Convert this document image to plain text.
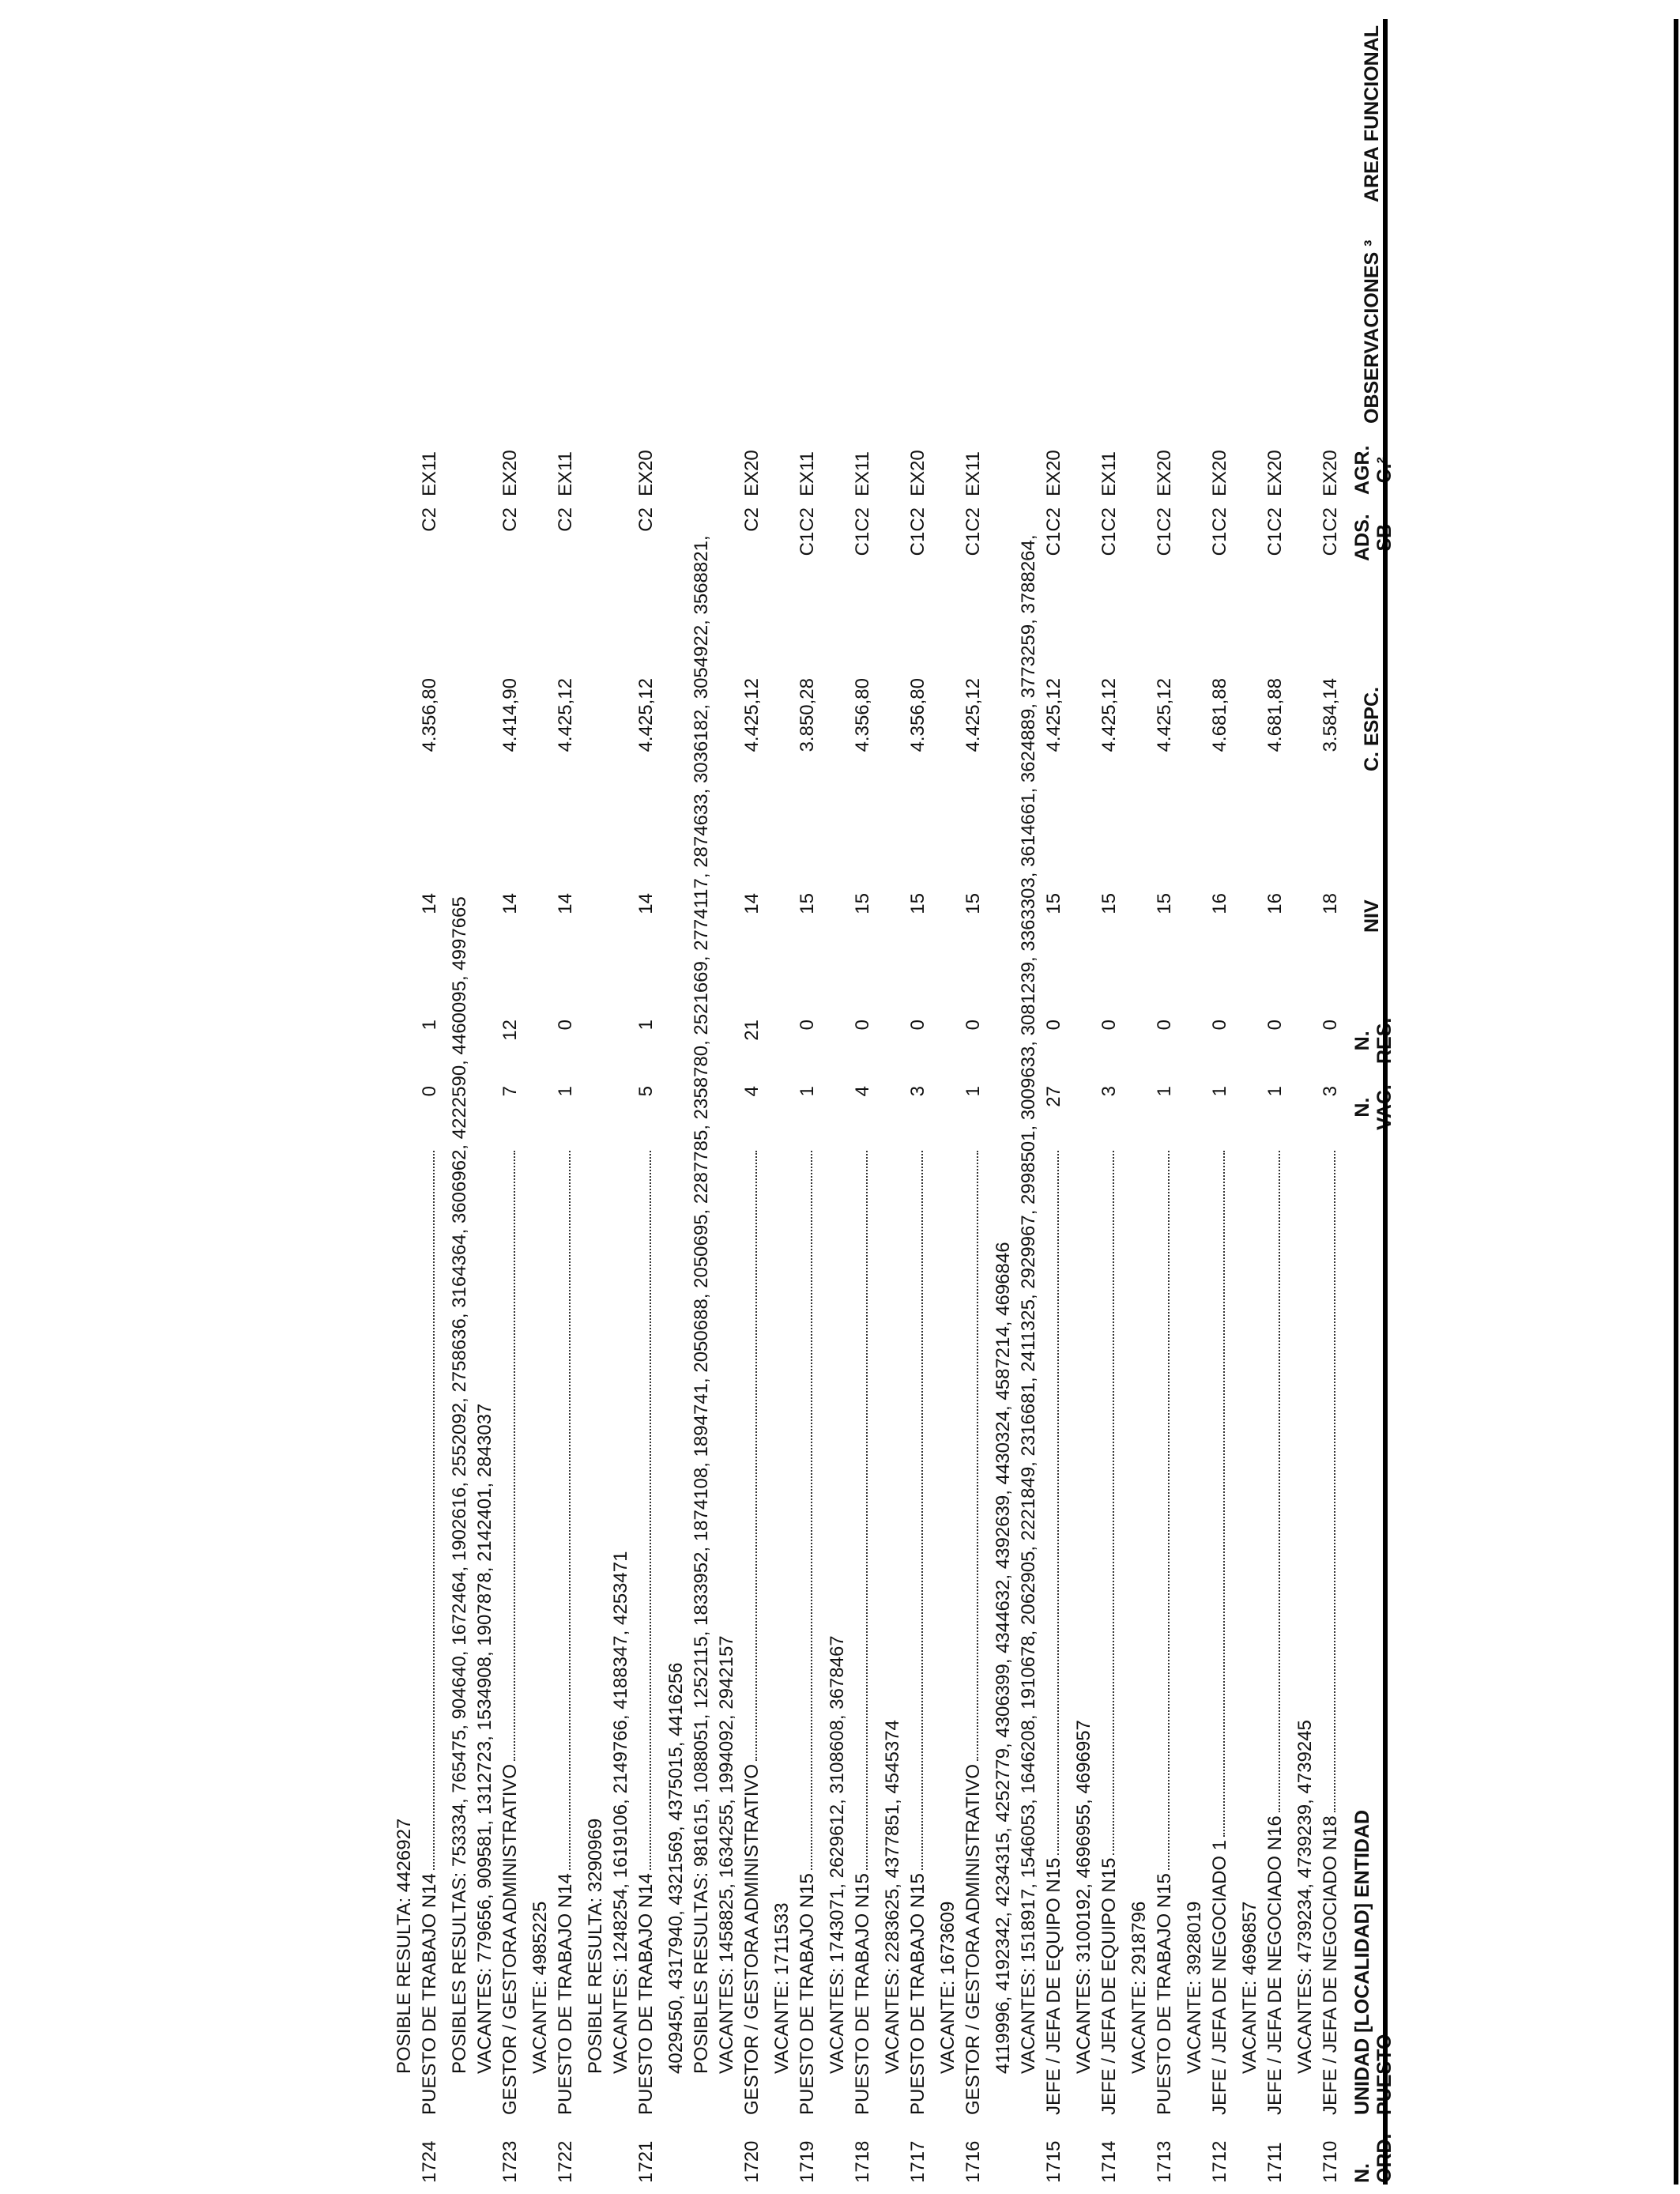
N. ORD.
UNIDAD [LOCALIDAD] ENTIDAD PUESTO
N. VAC.
N. RES.
NIV
C. ESPC.
ADS. SB
AGR. C.²
OBSERVACIONES ³
AREA FUNCIONAL
1710
JEFE / JEFA DE NEGOCIADO N18
3
0
18
3.584,14
C1C2
EX20
VACANTES: 4739234, 4739239, 4739245
1711
JEFE / JEFA DE NEGOCIADO N16
1
0
16
4.681,88
C1C2
EX20
VACANTE: 4696857
1712
JEFE / JEFA DE NEGOCIADO 1
1
0
16
4.681,88
C1C2
EX20
VACANTE: 3928019
1713
PUESTO DE TRABAJO N15
1
0
15
4.425,12
C1C2
EX20
VACANTE: 2918796
1714
JEFE / JEFA DE EQUIPO N15
3
0
15
4.425,12
C1C2
EX11
VACANTES: 3100192, 4696955, 4696957
1715
JEFE / JEFA DE EQUIPO N15
27
0
15
4.425,12
C1C2
EX20
VACANTES: 1518917, 1546053, 1646208, 1910678, 2062905, 2221849, 2316681, 2411325, 2929967, 2998501, 3009633, 3081239, 3363303, 3614661, 3624889, 3773259, 3788264,
4119996, 4192342, 4234315, 4252779, 4306399, 4344632, 4392639, 4430324, 4587214, 4696846
1716
GESTOR / GESTORA ADMINISTRATIVO
1
0
15
4.425,12
C1C2
EX11
VACANTE: 1673609
1717
PUESTO DE TRABAJO N15
3
0
15
4.356,80
C1C2
EX20
VACANTES: 2283625, 4377851, 4545374
1718
PUESTO DE TRABAJO N15
4
0
15
4.356,80
C1C2
EX11
VACANTES: 1743071, 2629612, 3108608, 3678467
1719
PUESTO DE TRABAJO N15
1
0
15
3.850,28
C1C2
EX11
VACANTE: 1711533
1720
GESTOR / GESTORA ADMINISTRATIVO
4
21
14
4.425,12
C2
EX20
VACANTES: 1458825, 1634255, 1994092, 2942157
POSIBLES RESULTAS: 981615, 1088051, 1252115, 1833952, 1874108, 1894741, 2050688, 2050695, 2287785, 2358780, 2521669, 2774117, 2874633, 3036182, 3054922, 3568821,
4029450, 4317940, 4321569, 4375015, 4416256
1721
PUESTO DE TRABAJO N14
5
1
14
4.425,12
C2
EX20
VACANTES: 1248254, 1619106, 2149766, 4188347, 4253471
POSIBLE RESULTA: 3290969
1722
PUESTO DE TRABAJO N14
1
0
14
4.425,12
C2
EX11
VACANTE: 4985225
1723
GESTOR / GESTORA ADMINISTRATIVO
7
12
14
4.414,90
C2
EX20
VACANTES: 779656, 909581, 1312723, 1534908, 1907878, 2142401, 2843037
POSIBLES RESULTAS: 753334, 765475, 904640, 1672464, 1902616, 2552092, 2758636, 3164364, 3606962, 4222590, 4460095, 4997665
1724
PUESTO DE TRABAJO N14
0
1
14
4.356,80
C2
EX11
POSIBLE RESULTA: 4426927
